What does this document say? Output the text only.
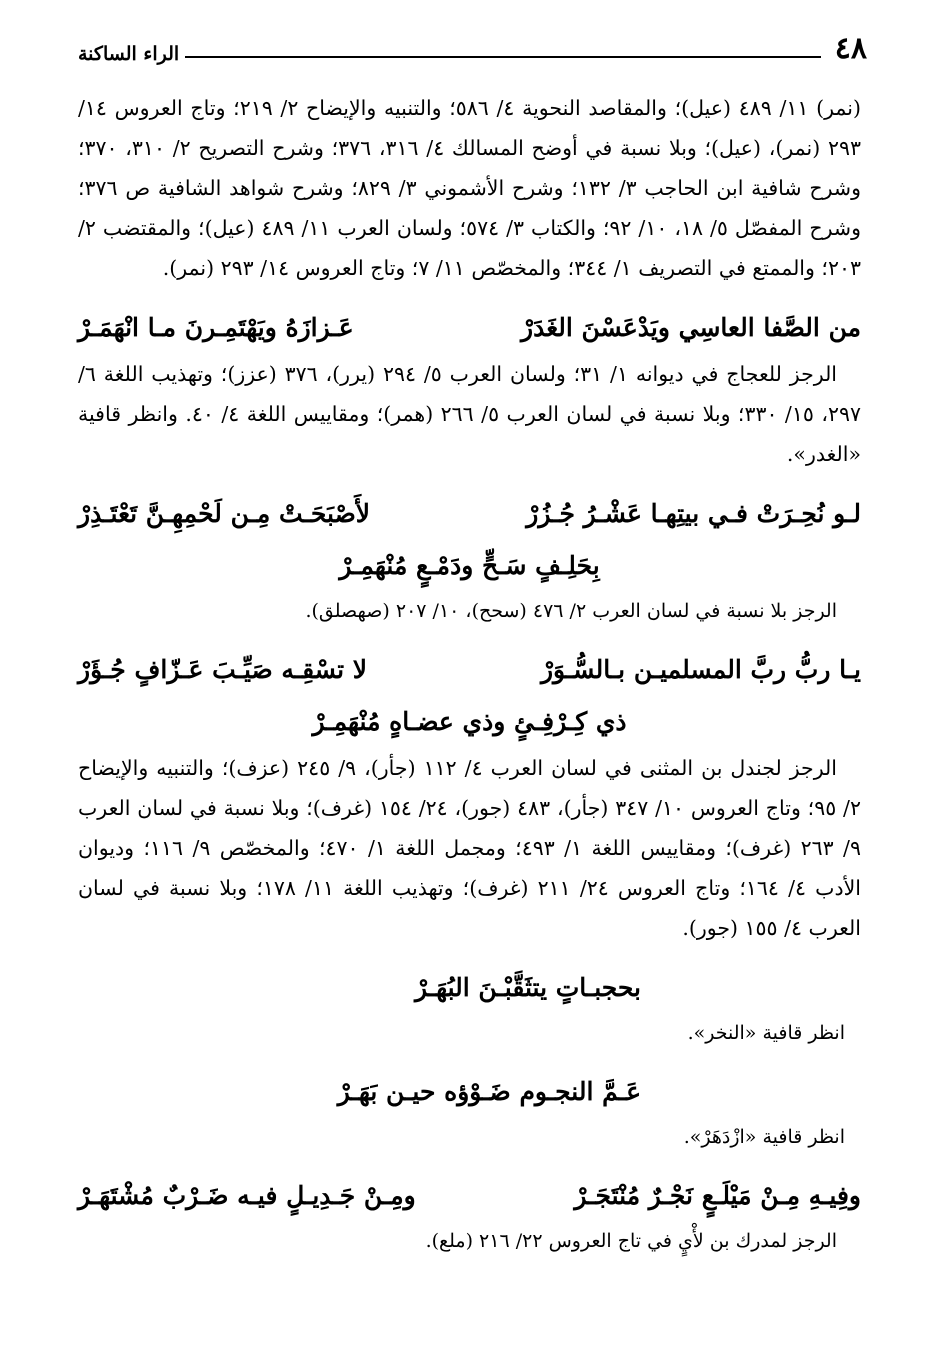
٤٨
الراء الساكنة

(نمر) ١١/ ٤٨٩ (عيل)؛ والمقاصد النحوية ٤/ ٥٨٦؛ والتنبيه والإيضاح ٢/ ٢١٩؛ وتاج العروس ١٤/ ٢٩٣ (نمر)، (عيل)؛ وبلا نسبة في أوضح المسالك ٤/ ٣١٦، ٣٧٦؛ وشرح التصريح ٢/ ٣١٠، ٣٧٠؛ وشرح شافية ابن الحاجب ٣/ ١٣٢؛ وشرح الأشموني ٣/ ٨٢٩؛ وشرح شواهد الشافية ص ٣٧٦؛ وشرح المفصّل ٥/ ١٨، ١٠/ ٩٢؛ والكتاب ٣/ ٥٧٤؛ ولسان العرب ١١/ ٤٨٩ (عيل)؛ والمقتضب ٢/ ٢٠٣؛ والممتع في التصريف ١/ ٣٤٤؛ والمخصّص ١١/ ٧؛ وتاج العروس ١٤/ ٢٩٣ (نمر).

من الصَّفا العاسِي ويَدْعَسْنَ الغَدَرْ
عَـزازَهُ ويَهْتَمِـرنَ مـا انْهَمَـرْ

الرجز للعجاج في ديوانه ١/ ٣١؛ ولسان العرب ٥/ ٢٩٤ (يرر)، ٣٧٦ (عزز)؛ وتهذيب اللغة ٦/ ٢٩٧، ١٥/ ٣٣٠؛ وبلا نسبة في لسان العرب ٥/ ٢٦٦ (همر)؛ ومقاييس اللغة ٤/ ٤٠. وانظر قافية «الغدر».

لـو نُحِـرَتْ فـي بيتِهـا عَشْـرُ جُـزُرْ
لأَصْبَحَـتْ مِـن لَحْمِهِـنَّ تَعْتَـذِرْ

بِحَلِـفٍ سَـحٍّ ودَمْـعٍ مُنْهَمِـرْ

الرجز بلا نسبة في لسان العرب ٢/ ٤٧٦ (سحح)، ١٠/ ٢٠٧ (صهصلق).

يـا ربُّ ربَّ المسلميـن بـالسُّـوَرْ
لا تسْقِـه صَيِّـبَ عَـزّافٍ جُـؤَرْ

ذي كِـرْفِـئٍ وذي عضـاهٍ مُنْهَمِـرْ

الرجز لجندل بن المثنى في لسان العرب ٤/ ١١٢ (جأر)، ٩/ ٢٤٥ (عزف)؛ والتنبيه والإيضاح ٢/ ٩٥؛ وتاج العروس ١٠/ ٣٤٧ (جأر)، ٤٨٣ (جور)، ٢٤/ ١٥٤ (غرف)؛ وبلا نسبة في لسان العرب ٩/ ٢٦٣ (غرف)؛ ومقاييس اللغة ١/ ٤٩٣؛ ومجمل اللغة ١/ ٤٧٠؛ والمخصّص ٩/ ١١٦؛ وديوان الأدب ٤/ ١٦٤؛ وتاج العروس ٢٤/ ٢١١ (غرف)؛ وتهذيب اللغة ١١/ ١٧٨؛ وبلا نسبة في لسان العرب ٤/ ١٥٥ (جور).

بحجبـاتٍ يتثَقَّبْـنَ البُهَـرْ

انظر قافية «النخر».

عَـمَّ النجـوم ضَـوْؤه حيـن بَهَـرْ

انظر قافية «ازْدَهَرْ».

وفِيـهِ مِـنْ مَيْلَـعٍ نَجْـرٌ مُنْتَجَـرْ
ومِـنْ جَـدِيـلٍ فيـه ضَـرْبٌ مُشْتَهَـرْ

الرجز لمدرك بن لأْيٍ في تاج العروس ٢٢/ ٢١٦ (ملع).
